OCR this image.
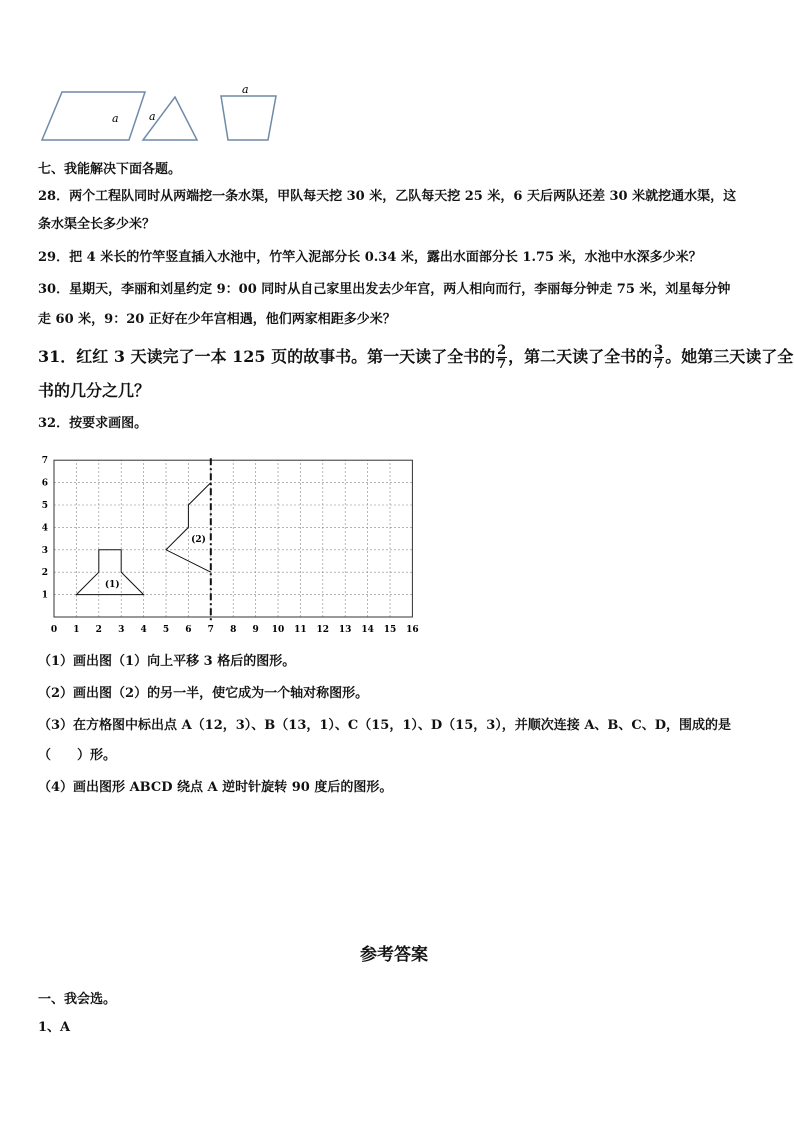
a	a
a
七、我能解决下面各题。
28．两个工程队同时从两端挖一条水渠，甲队每天挖 30 米，乙队每天挖 25 米，6 天后两队还差 30 米就挖通水渠，这
条水渠全长多少米？
29．把 4 米长的竹竿竖直插入水池中，竹竿入泥部分长 0.34 米，露出水面部分长 1.75 米，水池中水深多少米？
30．星期天，李丽和刘星约定 9：00 同时从自己家里出发去少年宫，两人相向而行，李丽每分钟走 75 米，刘星每分钟
走 60 米，9：20 正好在少年宫相遇，他们两家相距多少米？
31．红红 3 天读完了一本 125 页的故事书。第一天读了全书的 $\frac{2}{7}$ ，第二天读了全书的 $\frac{3}{7}$ 。她第三天读了全
书的几分之几？
32．按要求画图。
0 1 2 3 4 5 6 7 8 9 10 11 12 13 14 15 16
1
2
3
4
5
6
7
(1)
(2)
（1）画出图（1）向上平移 3 格后的图形。
（2）画出图（2）的另一半，使它成为一个轴对称图形。
（3）在方格图中标出点 A（12，3）、B（13，1）、C（15，1）、D（15，3），并顺次连接 A、B、C、D，围成的是
（　　）形。
（4）画出图形 ABCD 绕点 A 逆时针旋转 90 度后的图形。
参考答案
一、我会选。
1、A
